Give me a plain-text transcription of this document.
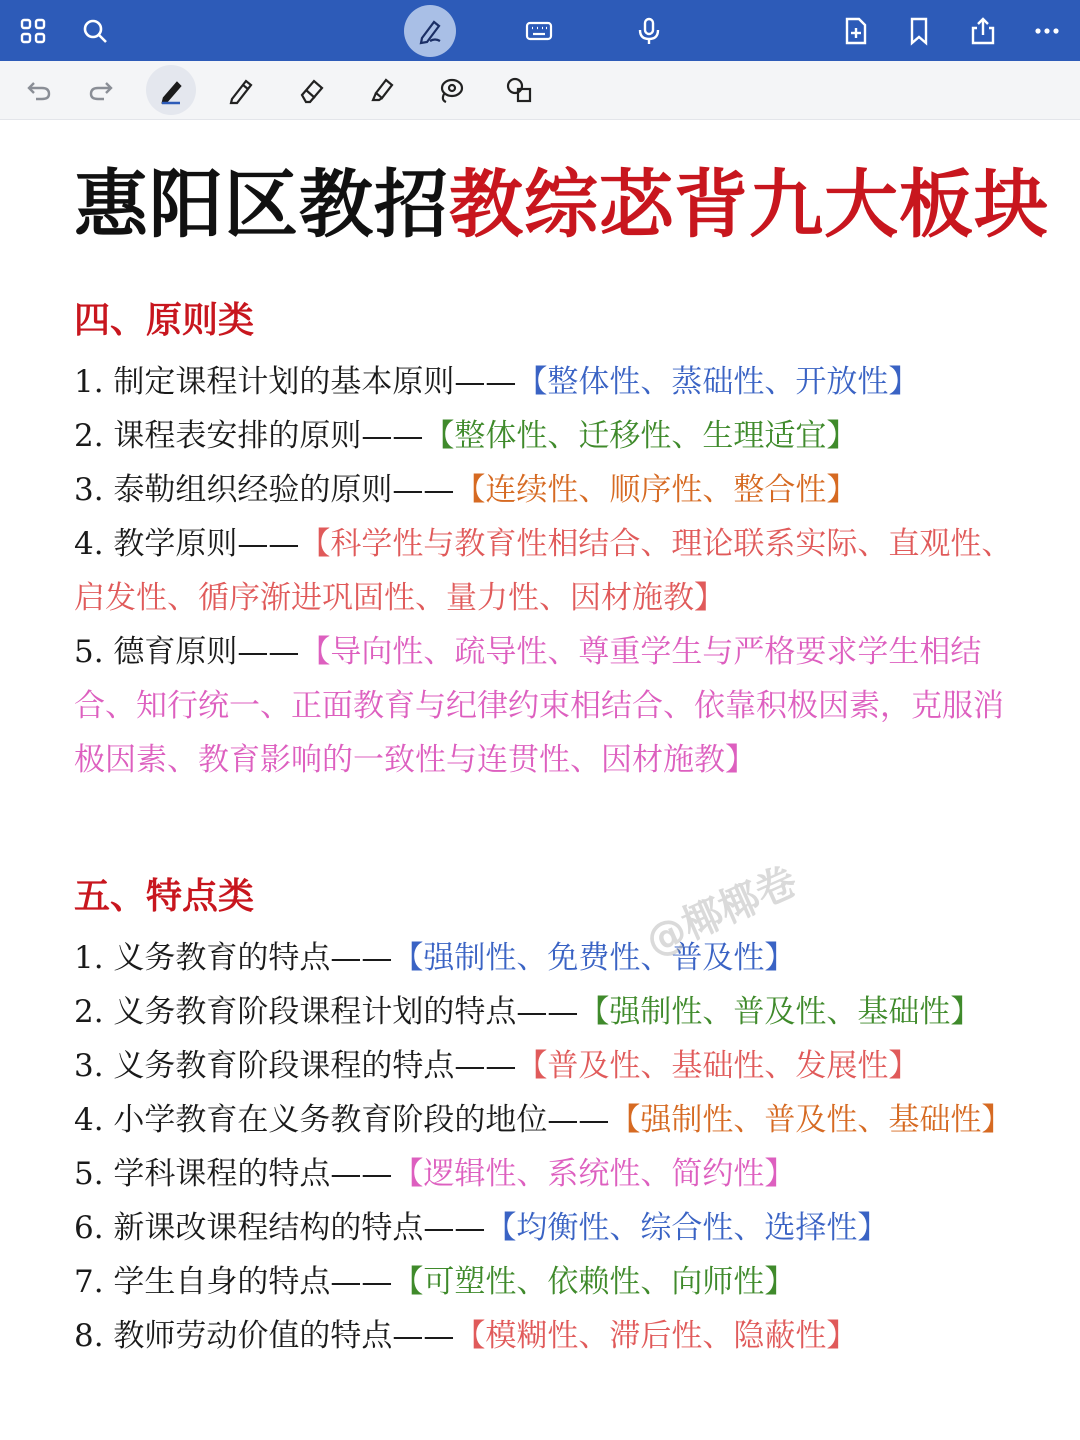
惠阳区教招教综苾背九大板块
四、原则类
1. 制定课程计划的基本原则——【整体性、蒸础性、开放性】
2. 课程表安排的原则——【整体性、迁移性、生理适宜】
3. 泰勒组织经验的原则——【连续性、顺序性、整合性】
4. 教学原则——【科学性与教育性相结合、理论联系实际、直观性、启发性、循序渐进巩固性、量力性、因材施教】
5. 德育原则——【导向性、疏导性、尊重学生与严格要求学生相结合、知行统一、正面教育与纪律约束相结合、依靠积极因素，克服消极因素、教育影响的一致性与连贯性、因材施教】
五、特点类
1. 义务教育的特点——【强制性、免费性、普及性】
2. 义务教育阶段课程计划的特点——【强制性、普及性、基础性】
3. 义务教育阶段课程的特点——【普及性、基础性、发展性】
4. 小学教育在义务教育阶段的地位——【强制性、普及性、基础性】
5. 学科课程的特点——【逻辑性、系统性、简约性】
6. 新课改课程结构的特点——【均衡性、综合性、选择性】
7. 学生自身的特点——【可塑性、依赖性、向师性】
8. 教师劳动价值的特点——【模糊性、滞后性、隐蔽性】
@椰椰卷
